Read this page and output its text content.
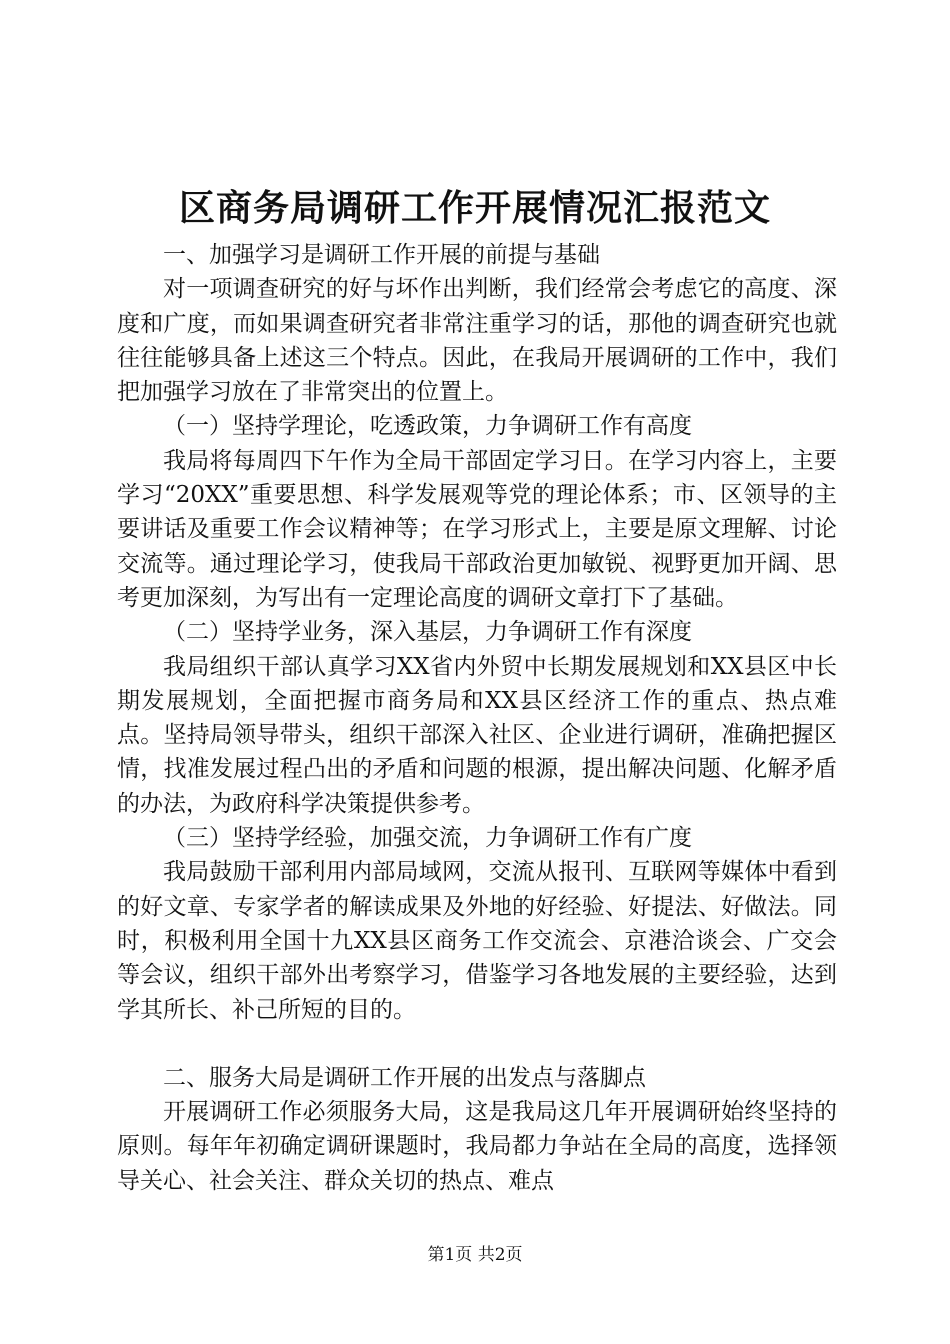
区商务局调研工作开展情况汇报范文

一、加强学习是调研工作开展的前提与基础

对一项调查研究的好与坏作出判断，我们经常会考虑它的高度、深度和广度，而如果调查研究者非常注重学习的话，那他的调查研究也就往往能够具备上述这三个特点。因此，在我局开展调研的工作中，我们把加强学习放在了非常突出的位置上。

（一）坚持学理论，吃透政策，力争调研工作有高度

我局将每周四下午作为全局干部固定学习日。在学习内容上，主要学习“20XX”重要思想、科学发展观等党的理论体系；市、区领导的主要讲话及重要工作会议精神等；在学习形式上，主要是原文理解、讨论交流等。通过理论学习，使我局干部政治更加敏锐、视野更加开阔、思考更加深刻，为写出有一定理论高度的调研文章打下了基础。

（二）坚持学业务，深入基层，力争调研工作有深度

我局组织干部认真学习XX省内外贸中长期发展规划和XX县区中长期发展规划，全面把握市商务局和XX县区经济工作的重点、热点难点。坚持局领导带头，组织干部深入社区、企业进行调研，准确把握区情，找准发展过程凸出的矛盾和问题的根源，提出解决问题、化解矛盾的办法，为政府科学决策提供参考。

（三）坚持学经验，加强交流，力争调研工作有广度

我局鼓励干部利用内部局域网，交流从报刊、互联网等媒体中看到的好文章、专家学者的解读成果及外地的好经验、好提法、好做法。同时，积极利用全国十九XX县区商务工作交流会、京港洽谈会、广交会等会议，组织干部外出考察学习，借鉴学习各地发展的主要经验，达到学其所长、补己所短的目的。

二、服务大局是调研工作开展的出发点与落脚点

开展调研工作必须服务大局，这是我局这几年开展调研始终坚持的原则。每年年初确定调研课题时，我局都力争站在全局的高度，选择领导关心、社会关注、群众关切的热点、难点

第1页 共2页
